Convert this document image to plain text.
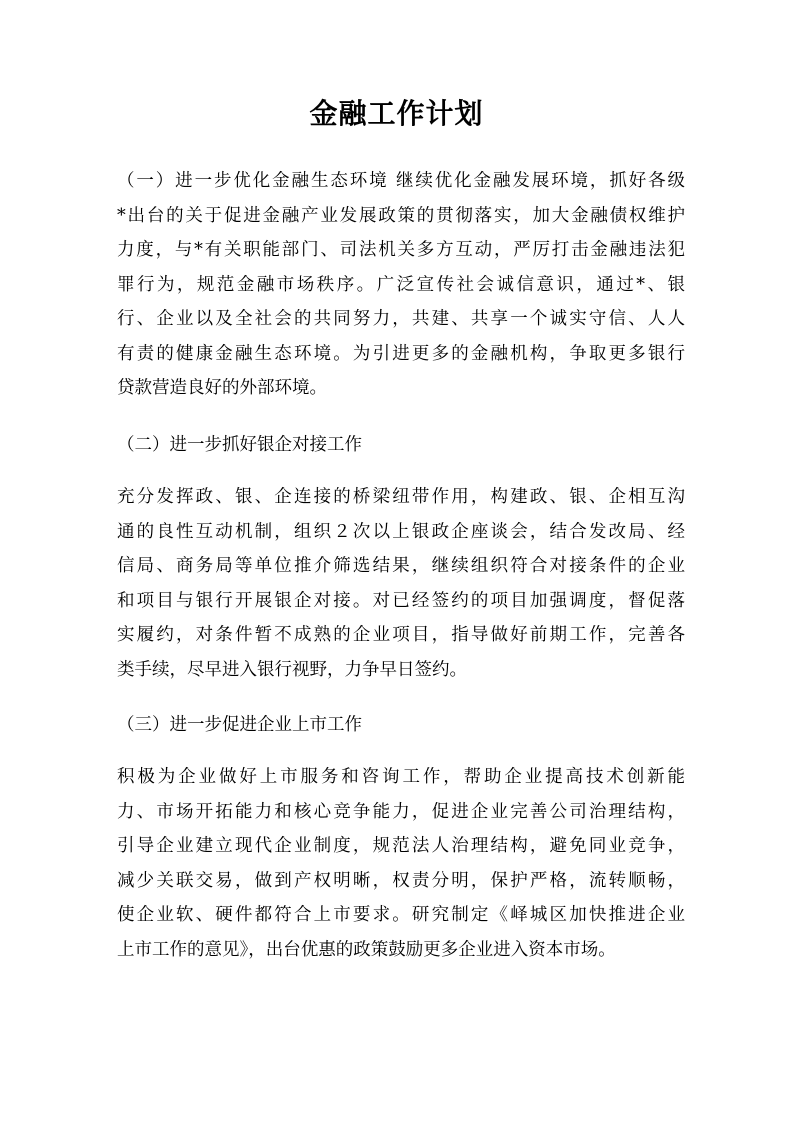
金融工作计划
（一）进一步优化金融生态环境 继续优化金融发展环境，抓好各级
*出台的关于促进金融产业发展政策的贯彻落实，加大金融债权维护
力度，与*有关职能部门、司法机关多方互动，严厉打击金融违法犯
罪行为，规范金融市场秩序。广泛宣传社会诚信意识，通过*、银
行、企业以及全社会的共同努力，共建、共享一个诚实守信、人人
有责的健康金融生态环境。为引进更多的金融机构，争取更多银行
贷款营造良好的外部环境。
（二）进一步抓好银企对接工作
充分发挥政、银、企连接的桥梁纽带作用，构建政、银、企相互沟
通的良性互动机制，组织２次以上银政企座谈会，结合发改局、经
信局、商务局等单位推介筛选结果，继续组织符合对接条件的企业
和项目与银行开展银企对接。对已经签约的项目加强调度，督促落
实履约，对条件暂不成熟的企业项目，指导做好前期工作，完善各
类手续，尽早进入银行视野，力争早日签约。
（三）进一步促进企业上市工作
积极为企业做好上市服务和咨询工作，帮助企业提高技术创新能
力、市场开拓能力和核心竞争能力，促进企业完善公司治理结构，
引导企业建立现代企业制度，规范法人治理结构，避免同业竞争，
减少关联交易，做到产权明晰，权责分明，保护严格，流转顺畅，
使企业软、硬件都符合上市要求。研究制定《峄城区加快推进企业
上市工作的意见》，出台优惠的政策鼓励更多企业进入资本市场。
